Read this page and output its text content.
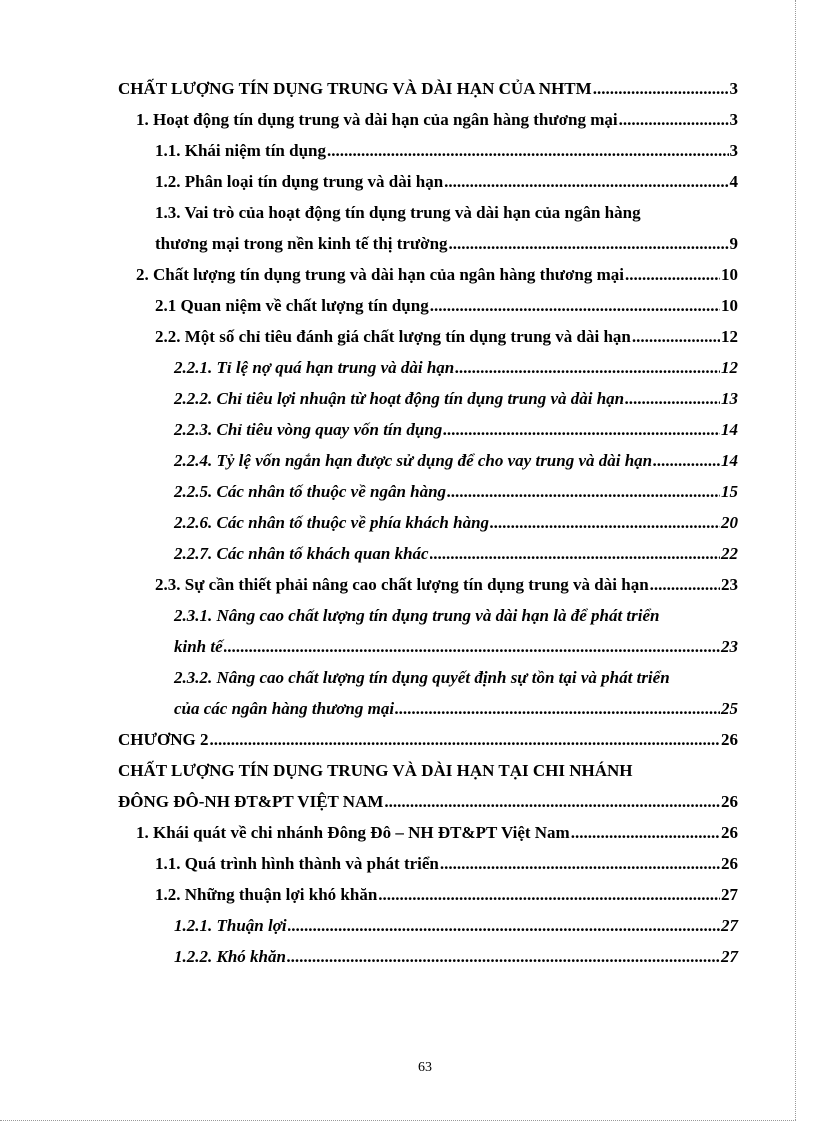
CHẤT LƯỢNG TÍN DỤNG TRUNG VÀ DÀI HẠN CỦA NHTM .....	3
1. Hoạt động tín dụng trung và dài hạn của ngân hàng thương mại .....	3
1.1. Khái niệm tín dụng .....	3
1.2. Phân loại tín dụng trung và dài hạn .....	4
1.3. Vai trò của hoạt động tín dụng trung và dài hạn của ngân hàng
thương mại trong nền kinh tế thị trường .....	9
2. Chất lượng tín dụng trung và dài hạn của ngân hàng thương mại .....	10
2.1 Quan niệm về chất lượng tín dụng .....	10
2.2. Một số chỉ tiêu đánh giá chất lượng tín dụng trung và dài hạn .....	12
2.2.1. Tỉ lệ nợ quá hạn trung và dài hạn .....	12
2.2.2. Chỉ tiêu lợi nhuận từ hoạt động tín dụng trung và dài hạn .....	13
2.2.3. Chỉ tiêu vòng quay vốn tín dụng .....	14
2.2.4. Tỷ lệ vốn ngắn hạn được sử dụng để cho vay trung và dài hạn .....	14
2.2.5. Các nhân tố thuộc về ngân hàng .....	15
2.2.6. Các nhân tố thuộc về phía khách hàng .....	20
2.2.7. Các nhân tố khách quan khác .....	22
2.3. Sự cần thiết phải nâng cao chất lượng tín dụng trung và dài hạn .....	23
2.3.1. Nâng cao chất lượng tín dụng trung và dài hạn là để phát triển
kinh tế .....	23
2.3.2. Nâng cao chất lượng tín dụng quyết định sự tồn tại và phát triển
của các ngân hàng thương mại .....	25
CHƯƠNG 2 .....	26
CHẤT LƯỢNG TÍN DỤNG TRUNG VÀ DÀI HẠN TẠI CHI NHÁNH
ĐÔNG ĐÔ-NH ĐT&PT VIỆT NAM .....	26
1. Khái quát về chi nhánh Đông Đô – NH ĐT&PT Việt Nam .....	26
1.1. Quá trình hình thành và phát triển .....	26
1.2. Những thuận lợi khó khăn .....	27
1.2.1. Thuận lợi .....	27
1.2.2. Khó khăn .....	27
63
